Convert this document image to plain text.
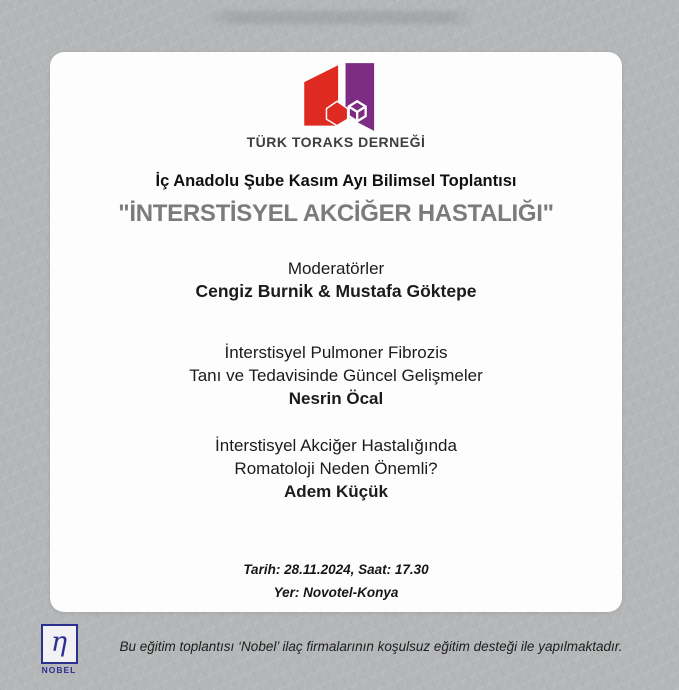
TÜRK TORAKS DERNEĞİ
İç Anadolu Şube Kasım Ayı Bilimsel Toplantısı
"İNTERSTİSYEL AKCİĞER HASTALIĞI"
Moderatörler
Cengiz Burnik & Mustafa Göktepe
İnterstisyel Pulmoner Fibrozis
Tanı ve Tedavisinde Güncel Gelişmeler
Nesrin Öcal
İnterstisyel Akciğer Hastalığında
Romatoloji Neden Önemli?
Adem Küçük
Tarih: 28.11.2024, Saat: 17.30
Yer: Novotel-Konya
η
NOBEL
Bu eğitim toplantısı ‘Nobel’ ilaç firmalarının koşulsuz eğitim desteği ile yapılmaktadır.
